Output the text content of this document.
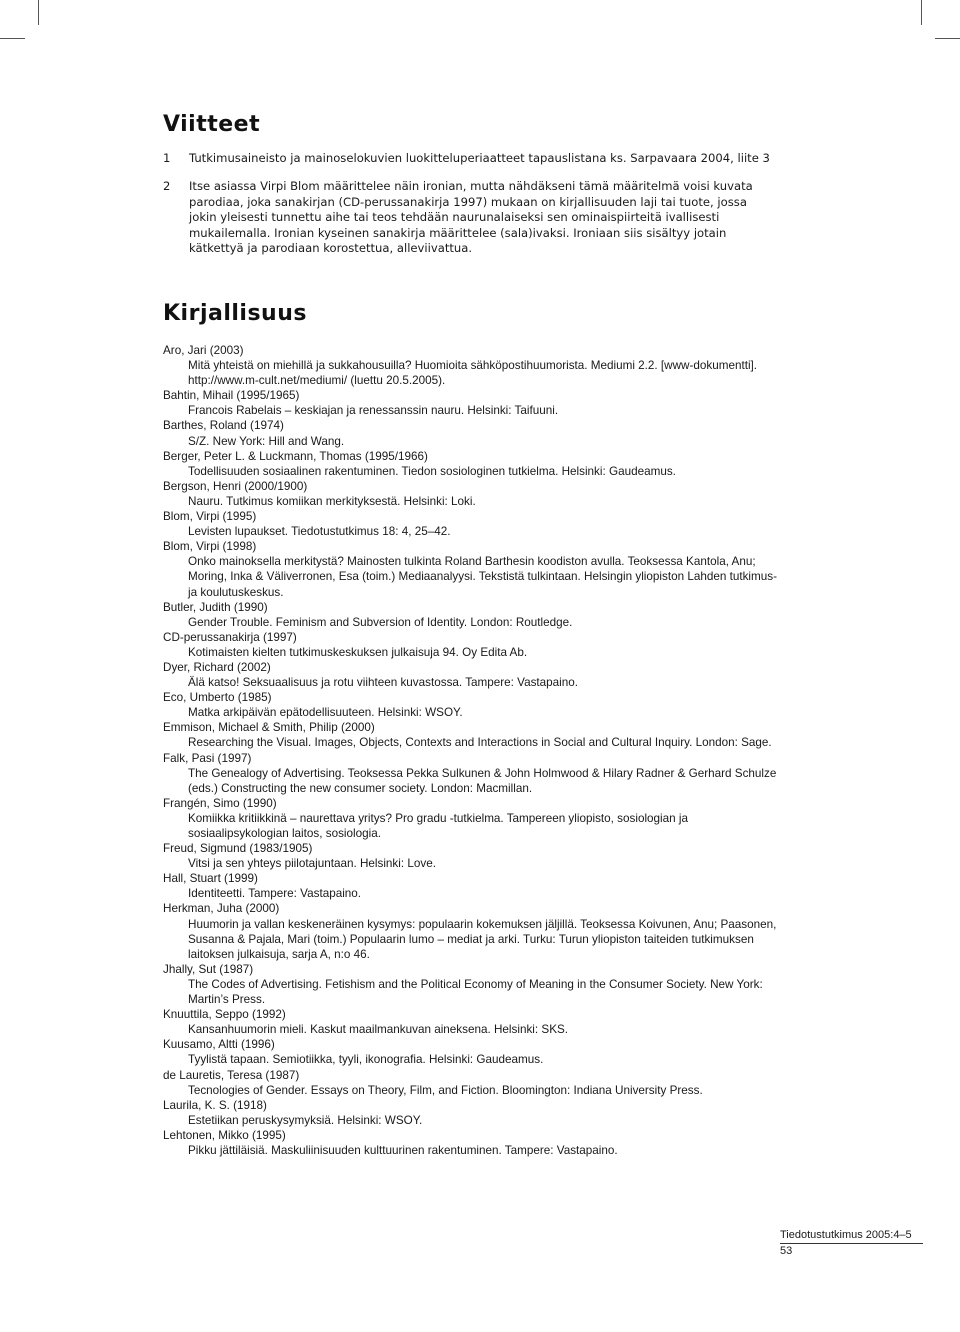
Viitteet
1	Tutkimusaineisto ja mainoselokuvien luokitteluperiaatteet tapauslistana ks. Sarpavaara 2004, liite 3
2	Itse asiassa Virpi Blom määrittelee näin ironian, mutta nähdäkseni tämä määritelmä voisi kuvata parodiaa, joka sanakirjan (CD-perussanakirja 1997) mukaan on kirjallisuuden laji tai tuote, jossa jokin yleisesti tunnettu aihe tai teos tehdään naurunalaiseksi sen ominaispiirteitä ivallisesti mukailemalla. Ironian kyseinen sanakirja määrittelee (sala)ivaksi. Ironiaan siis sisältyy jotain kätkettyä ja parodiaan korostettua, alleviivattua.
Kirjallisuus
Aro, Jari (2003)
Mitä yhteistä on miehillä ja sukkahousuilla? Huomioita sähköpostihuumorista. Mediumi 2.2. [www-dokumentti]. http://www.m-cult.net/mediumi/ (luettu 20.5.2005).
Bahtin, Mihail (1995/1965)
Francois Rabelais – keskiajan ja renessanssin nauru. Helsinki: Taifuuni.
Barthes, Roland (1974)
S/Z. New York: Hill and Wang.
Berger, Peter L. & Luckmann, Thomas (1995/1966)
Todellisuuden sosiaalinen rakentuminen. Tiedon sosiologinen tutkielma. Helsinki: Gaudeamus.
Bergson, Henri (2000/1900)
Nauru. Tutkimus komiikan merkityksestä. Helsinki: Loki.
Blom, Virpi (1995)
Levisten lupaukset. Tiedotustutkimus 18: 4, 25–42.
Blom, Virpi (1998)
Onko mainoksella merkitystä? Mainosten tulkinta Roland Barthesin koodiston avulla. Teoksessa Kantola, Anu; Moring, Inka & Väliverronen, Esa (toim.) Mediaanalyysi. Tekstistä tulkintaan. Helsingin yliopiston Lahden tutkimus- ja koulutuskeskus.
Butler, Judith (1990)
Gender Trouble. Feminism and Subversion of Identity. London: Routledge.
CD-perussanakirja (1997)
Kotimaisten kielten tutkimuskeskuksen julkaisuja 94. Oy Edita Ab.
Dyer, Richard (2002)
Älä katso! Seksuaalisuus ja rotu viihteen kuvastossa. Tampere: Vastapaino.
Eco, Umberto (1985)
Matka arkipäivän epätodellisuuteen. Helsinki: WSOY.
Emmison, Michael & Smith, Philip (2000)
Researching the Visual. Images, Objects, Contexts and Interactions in Social and Cultural Inquiry. London: Sage.
Falk, Pasi (1997)
The Genealogy of Advertising. Teoksessa Pekka Sulkunen & John Holmwood & Hilary Radner & Gerhard Schulze (eds.) Constructing the new consumer society. London: Macmillan.
Frangén, Simo (1990)
Komiikka kritiikkinä – naurettava yritys? Pro gradu -tutkielma. Tampereen yliopisto, sosiologian ja sosiaalipsykologian laitos, sosiologia.
Freud, Sigmund (1983/1905)
Vitsi ja sen yhteys piilotajuntaan. Helsinki: Love.
Hall, Stuart (1999)
Identiteetti. Tampere: Vastapaino.
Herkman, Juha (2000)
Huumorin ja vallan keskeneräinen kysymys: populaarin kokemuksen jäljillä. Teoksessa Koivunen, Anu; Paasonen, Susanna & Pajala, Mari (toim.) Populaarin lumo – mediat ja arki. Turku: Turun yliopiston taiteiden tutkimuksen laitoksen julkaisuja, sarja A, n:o 46.
Jhally, Sut (1987)
The Codes of Advertising. Fetishism and the Political Economy of Meaning in the Consumer Society. New York: Martin’s Press.
Knuuttila, Seppo (1992)
Kansanhuumorin mieli. Kaskut maailmankuvan aineksena. Helsinki: SKS.
Kuusamo, Altti (1996)
Tyylistä tapaan. Semiotiikka, tyyli, ikonografia. Helsinki: Gaudeamus.
de Lauretis, Teresa (1987)
Tecnologies of Gender. Essays on Theory, Film, and Fiction. Bloomington: Indiana University Press.
Laurila, K. S. (1918)
Estetiikan peruskysymyksiä. Helsinki: WSOY.
Lehtonen, Mikko (1995)
Pikku jättiläisiä. Maskuliinisuuden kulttuurinen rakentuminen. Tampere: Vastapaino.
Tiedotustutkimus 2005:4–5
53
